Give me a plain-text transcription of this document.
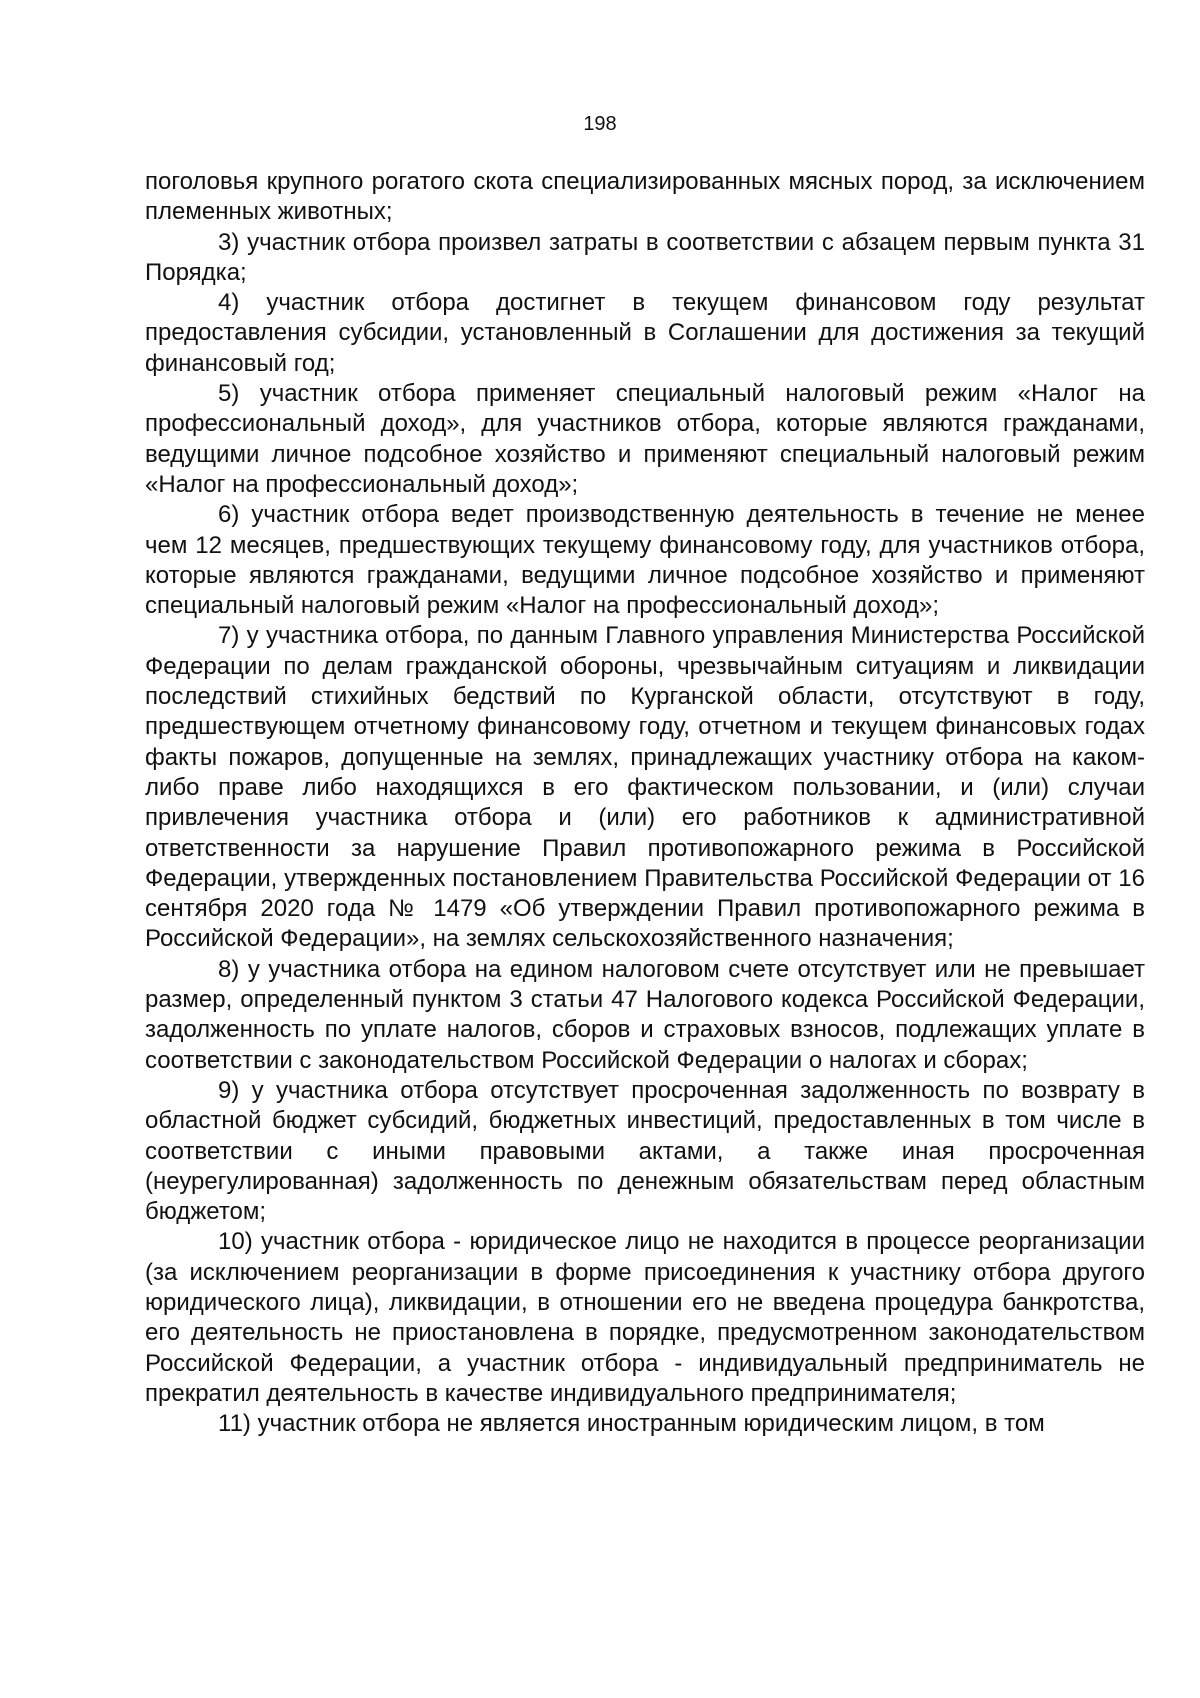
198

поголовья крупного рогатого скота специализированных мясных пород, за исключением племенных животных;

3) участник отбора произвел затраты в соответствии с абзацем первым пункта 31 Порядка;

4) участник отбора достигнет в текущем финансовом году результат предоставления субсидии, установленный в Соглашении для достижения за текущий финансовый год;

5) участник отбора применяет специальный налоговый режим «Налог на профессиональный доход», для участников отбора, которые являются гражданами, ведущими личное подсобное хозяйство и применяют специальный налоговый режим «Налог на профессиональный доход»;

6) участник отбора ведет производственную деятельность в течение не менее чем 12 месяцев, предшествующих текущему финансовому году, для участников отбора, которые являются гражданами, ведущими личное подсобное хозяйство и применяют специальный налоговый режим «Налог на профессиональный доход»;

7) у участника отбора, по данным Главного управления Министерства Российской Федерации по делам гражданской обороны, чрезвычайным ситуациям и ликвидации последствий стихийных бедствий по Курганской области, отсутствуют в году, предшествующем отчетному финансовому году, отчетном и текущем финансовых годах факты пожаров, допущенные на землях, принадлежащих участнику отбора на каком-либо праве либо находящихся в его фактическом пользовании, и (или) случаи привлечения участника отбора и (или) его работников к административной ответственности за нарушение Правил противопожарного режима в Российской Федерации, утвержденных постановлением Правительства Российской Федерации от 16 сентября 2020 года № 1479 «Об утверждении Правил противопожарного режима в Российской Федерации», на землях сельскохозяйственного назначения;

8) у участника отбора на едином налоговом счете отсутствует или не превышает размер, определенный пунктом 3 статьи 47 Налогового кодекса Российской Федерации, задолженность по уплате налогов, сборов и страховых взносов, подлежащих уплате в соответствии с законодательством Российской Федерации о налогах и сборах;

9) у участника отбора отсутствует просроченная задолженность по возврату в областной бюджет субсидий, бюджетных инвестиций, предоставленных в том числе в соответствии с иными правовыми актами, а также иная просроченная (неурегулированная) задолженность по денежным обязательствам перед областным бюджетом;

10) участник отбора - юридическое лицо не находится в процессе реорганизации (за исключением реорганизации в форме присоединения к участнику отбора другого юридического лица), ликвидации, в отношении его не введена процедура банкротства, его деятельность не приостановлена в порядке, предусмотренном законодательством Российской Федерации, а участник отбора - индивидуальный предприниматель не прекратил деятельность в качестве индивидуального предпринимателя;

11) участник отбора не является иностранным юридическим лицом, в том
